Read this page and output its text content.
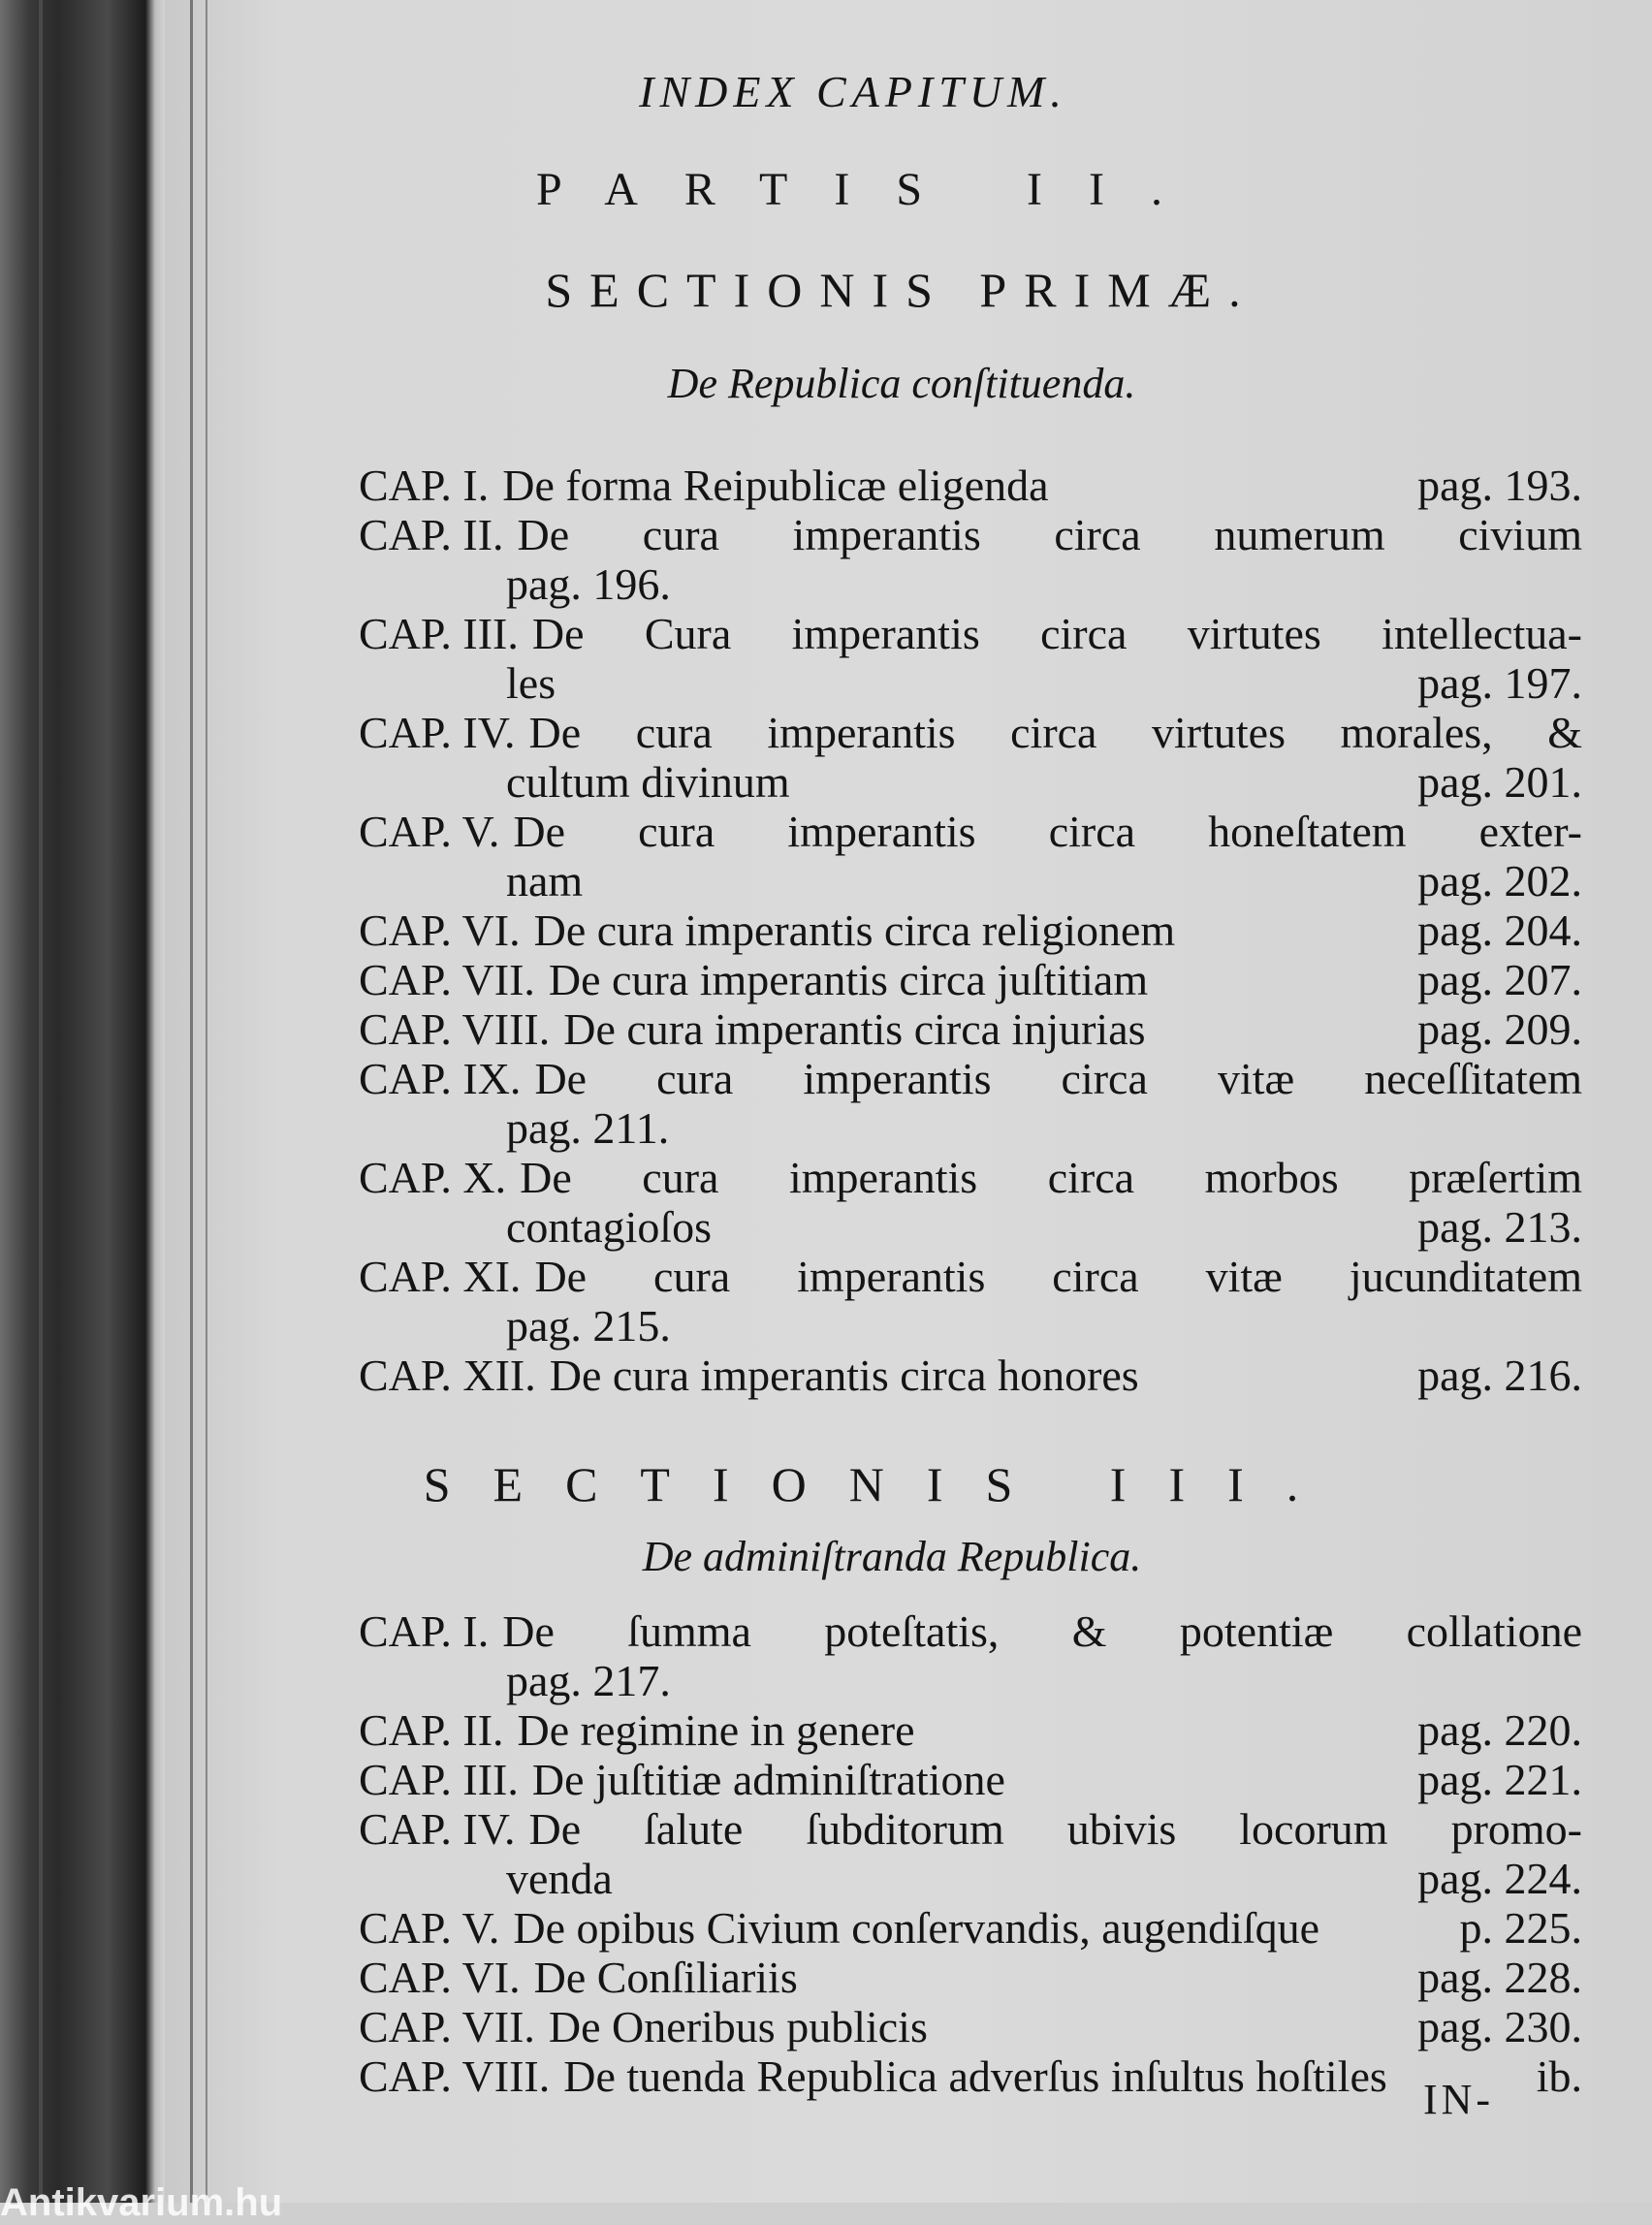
INDEX CAPITUM.
PARTIS II.
SECTIONIS PRIMÆ.
De Republica conſtituenda.
CAP. I. De forma Reipublicæ eligenda	pag. 193.
CAP. II. De cura imperantis circa numerum civium
pag. 196.
CAP. III. De Cura imperantis circa virtutes intellectua-
les	pag. 197.
CAP. IV. De cura imperantis circa virtutes morales, &
cultum divinum	pag. 201.
CAP. V. De cura imperantis circa honeſtatem exter-
nam	pag. 202.
CAP. VI. De cura imperantis circa religionem	pag. 204.
CAP. VII. De cura imperantis circa juſtitiam	pag. 207.
CAP. VIII. De cura imperantis circa injurias	pag. 209.
CAP. IX. De cura imperantis circa vitæ neceſſitatem
pag. 211.
CAP. X. De cura imperantis circa morbos præſertim
contagioſos	pag. 213.
CAP. XI. De cura imperantis circa vitæ jucunditatem
pag. 215.
CAP. XII. De cura imperantis circa honores	pag. 216.
SECTIONIS III.
De adminiſtranda Republica.
CAP. I. De ſumma poteſtatis, & potentiæ collatione
pag. 217.
CAP. II. De regimine in genere	pag. 220.
CAP. III. De juſtitiæ adminiſtratione	pag. 221.
CAP. IV. De ſalute ſubditorum ubivis locorum promo-
venda	pag. 224.
CAP. V. De opibus Civium conſervandis, augendiſque	p. 225.
CAP. VI. De Conſiliariis	pag. 228.
CAP. VII. De Oneribus publicis	pag. 230.
CAP. VIII. De tuenda Republica adverſus inſultus hoſtiles	ib.
IN-
Antikvarium.hu
